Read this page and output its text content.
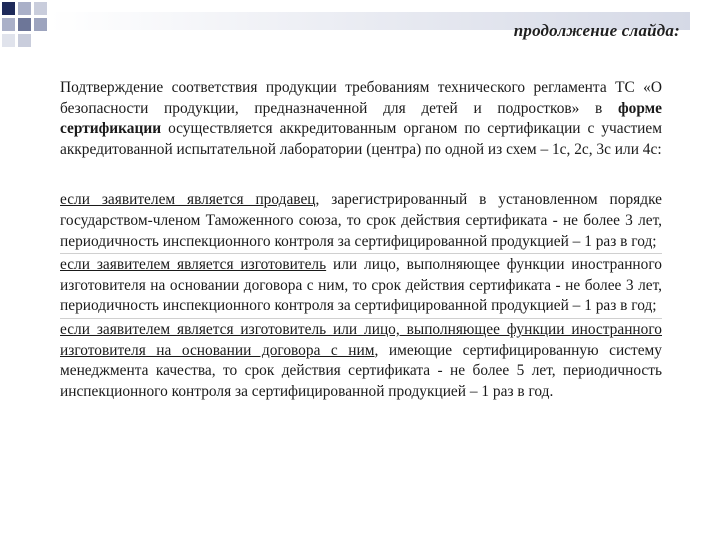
продолжение слайда:

Подтверждение соответствия продукции требованиям технического регламента ТС «О безопасности продукции, предназначенной для детей и подростков» в форме сертификации осуществляется аккредитованным органом по сертификации с участием аккредитованной испытательной лаборатории (центра) по одной из схем – 1с, 2с, 3с или 4с:

если заявителем является продавец, зарегистрированный в установленном порядке государством-членом Таможенного союза, то срок действия сертификата - не более 3 лет, периодичность инспекционного контроля за сертифицированной продукцией – 1 раз в год;

если заявителем является изготовитель или лицо, выполняющее функции иностранного изготовителя на основании договора с ним, то срок действия сертификата - не более 3 лет, периодичность инспекционного контроля за сертифицированной продукцией – 1 раз в год;

если заявителем является изготовитель или лицо, выполняющее функции иностранного изготовителя на основании договора с ним, имеющие сертифицированную систему менеджмента качества, то срок действия сертификата - не более 5 лет, периодичность инспекционного контроля за сертифицированной продукцией – 1 раз в год.
